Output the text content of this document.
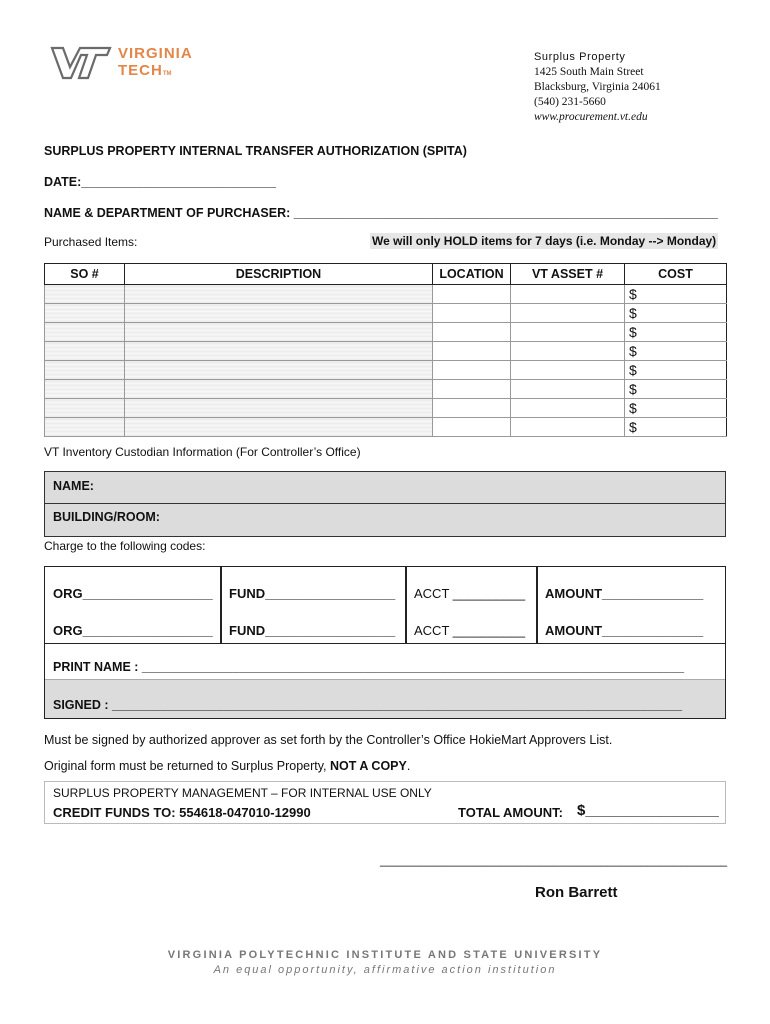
VIRGINIA
TECHTM
Surplus Property
1425 South Main Street
Blacksburg, Virginia 24061
(540) 231-5660
www.procurement.vt.edu
SURPLUS PROPERTY INTERNAL TRANSFER AUTHORIZATION (SPITA)
DATE:____________________________
NAME & DEPARTMENT OF PURCHASER: _____________________________________________________________
Purchased Items:	We will only HOLD items for 7 days (i.e. Monday --> Monday)
SO #	DESCRIPTION	LOCATION	VT ASSET #	COST
				$
				$
				$
				$
				$
				$
				$
				$
VT Inventory Custodian Information (For Controller’s Office)
NAME:
BUILDING/ROOM:
Charge to the following codes:
ORG__________________ FUND__________________ ACCT __________ AMOUNT______________
ORG__________________ FUND__________________ ACCT __________ AMOUNT______________
PRINT NAME : ______________________________________________________________________________
SIGNED : __________________________________________________________________________________
Must be signed by authorized approver as set forth by the Controller’s Office HokieMart Approvers List.
Original form must be returned to Surplus Property, NOT A COPY.
SURPLUS PROPERTY MANAGEMENT – FOR INTERNAL USE ONLY
CREDIT FUNDS TO: 554618-047010-12990	TOTAL AMOUNT: $________________
____________________________________________________
Ron Barrett
VIRGINIA POLYTECHNIC INSTITUTE AND STATE UNIVERSITY
An equal opportunity, affirmative action institution
